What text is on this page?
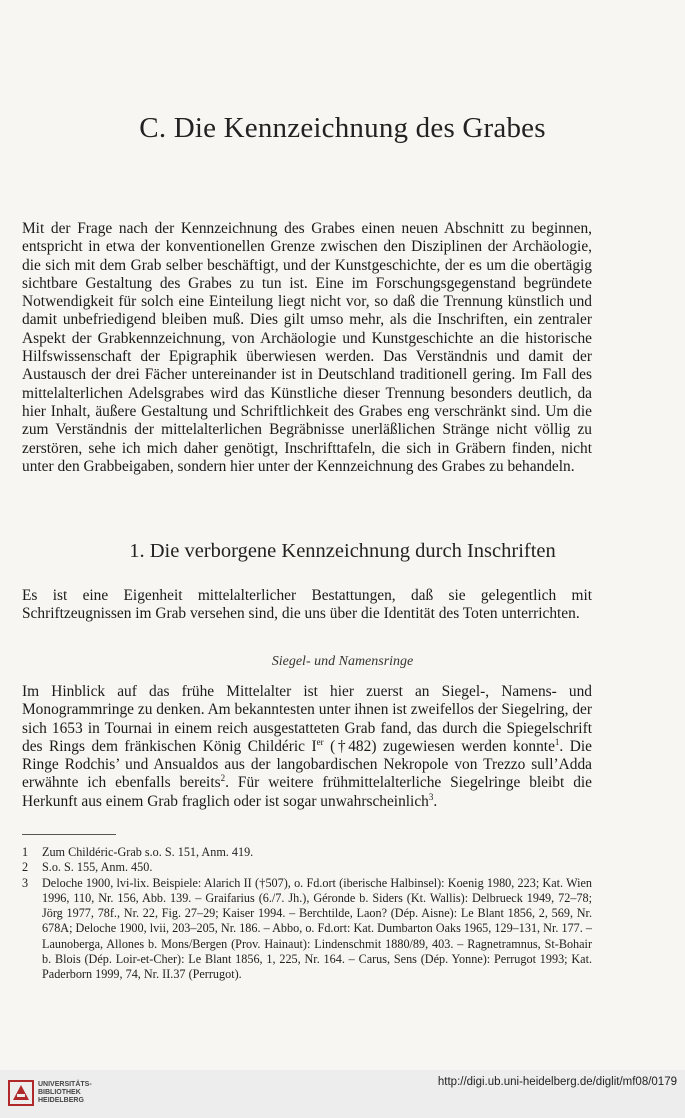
C. Die Kennzeichnung des Grabes

Mit der Frage nach der Kennzeichnung des Grabes einen neuen Abschnitt zu beginnen, entspricht in etwa der konventionellen Grenze zwischen den Disziplinen der Archäologie, die sich mit dem Grab selber beschäftigt, und der Kunstgeschichte, der es um die obertägig sichtbare Gestaltung des Grabes zu tun ist. Eine im Forschungsgegenstand begründete Notwendigkeit für solch eine Einteilung liegt nicht vor, so daß die Trennung künstlich und damit unbefriedigend bleiben muß. Dies gilt umso mehr, als die Inschriften, ein zentraler Aspekt der Grabkennzeichnung, von Archäologie und Kunstgeschichte an die historische Hilfswissenschaft der Epigraphik überwiesen werden. Das Verständnis und damit der Austausch der drei Fächer untereinander ist in Deutschland traditionell gering. Im Fall des mittelalterlichen Adelsgrabes wird das Künstliche dieser Trennung besonders deutlich, da hier Inhalt, äußere Gestaltung und Schriftlichkeit des Grabes eng verschränkt sind. Um die zum Verständnis der mittelalterlichen Begräbnisse unerläßlichen Stränge nicht völlig zu zerstören, sehe ich mich daher genötigt, Inschrifttafeln, die sich in Gräbern finden, nicht unter den Grabbeigaben, sondern hier unter der Kennzeichnung des Grabes zu behandeln.

1. Die verborgene Kennzeichnung durch Inschriften

Es ist eine Eigenheit mittelalterlicher Bestattungen, daß sie gelegentlich mit Schriftzeugnissen im Grab versehen sind, die uns über die Identität des Toten unterrichten.

Siegel- und Namensringe

Im Hinblick auf das frühe Mittelalter ist hier zuerst an Siegel-, Namens- und Monogrammringe zu denken. Am bekanntesten unter ihnen ist zweifellos der Siegelring, der sich 1653 in Tournai in einem reich ausgestatteten Grab fand, das durch die Spiegelschrift des Rings dem fränkischen König Childéric Ier (†482) zugewiesen werden konnte$^1$. Die Ringe Rodchis’ und Ansualdos aus der langobardischen Nekropole von Trezzo sull’Adda erwähnte ich ebenfalls bereits$^2$. Für weitere frühmittelalterliche Siegelringe bleibt die Herkunft aus einem Grab fraglich oder ist sogar unwahrscheinlich$^3$.

1	Zum Childéric-Grab s.o. S. 151, Anm. 419.
2	S.o. S. 155, Anm. 450.
3	Deloche 1900, lvi-lix. Beispiele: Alarich II (†507), o. Fd.ort (iberische Halbinsel): Koenig 1980, 223; Kat. Wien 1996, 110, Nr. 156, Abb. 139. – Graifarius (6./7. Jh.), Géronde b. Siders (Kt. Wallis): Delbrueck 1949, 72–78; Jörg 1977, 78f., Nr. 22, Fig. 27–29; Kaiser 1994. – Berchtilde, Laon? (Dép. Aisne): Le Blant 1856, 2, 569, Nr. 678A; Deloche 1900, lvii, 203–205, Nr. 186. – Abbo, o. Fd.ort: Kat. Dumbarton Oaks 1965, 129–131, Nr. 177. – Launoberga, Allones b. Mons/Bergen (Prov. Hainaut): Lindenschmit 1880/89, 403. – Ragnetramnus, St-Bohair b. Blois (Dép. Loir-et-Cher): Le Blant 1856, 1, 225, Nr. 164. – Carus, Sens (Dép. Yonne): Perrugot 1993; Kat. Paderborn 1999, 74, Nr. II.37 (Perrugot).
UNIVERSITÄTS-
BIBLIOTHEK
HEIDELBERG
http://digi.ub.uni-heidelberg.de/diglit/mf08/0179
